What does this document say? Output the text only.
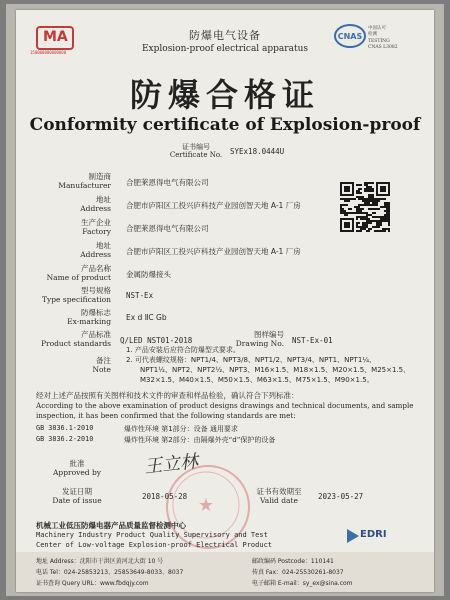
MA
150000080000000
防爆电气设备
Explosion-proof electrical apparatus
CNAS
中国认可
检测
TESTING
CNAS L3082
防爆合格证
Conformity certificate of Explosion-proof
证书编号
Certificate No.	SYEx18.0444U
制造商
Manufacturer 合肥莱恩得电气有限公司
地址
Address 合肥市庐阳区工投兴庐科技产业园创智天地 A-1 厂房
生产企业
Factory 合肥莱恩得电气有限公司
地址
Address 合肥市庐阳区工投兴庐科技产业园创智天地 A-1 厂房
产品名称
Name of product 金属防爆接头
型号规格
Type specification NST-Ex
防爆标志
Ex-marking Ex d ⅡC Gb
产品标准
Product standards Q/LED NST01-2018
图样编号
Drawing No. NST-Ex-01
备注
Note
1. 产品安装后应符合防爆型式要求。
2. 可代表螺纹规格：NPT1/4、NPT3/8、NPT1/2、NPT3/4、NPT1、NPT1¼、
NPT1½、NPT2、NPT2½、NPT3、M16×1.5、M18×1.5、M20×1.5、M25×1.5、
M32×1.5、M40×1.5、M50×1.5、M63×1.5、M75×1.5、M90×1.5。
经对上述产品按照有关图样和技术文件的审查和样品检验，确认符合下列标准：
According to the above examination of product designs drawings and technical documents, and sample
inspection, it has been confirmed that the following standards are met:
GB 3836.1-2010	爆炸性环境 第1部分：设备 通用要求
GB 3836.2-2010	爆炸性环境 第2部分：由隔爆外壳“d”保护的设备
批准
Approved by	王立林
★
发证日期
Date of issue	2018-05-28
证书有效期至
Valid date	2023-05-27
机械工业低压防爆电器产品质量监督检测中心
Machinery Industry Product Quality Supervisory and Test
Center of Low-voltage Explosion-proof Electrical Product
EDRI
地址 Address：沈阳市于洪区黄河北大街 10 号	邮政编码 Postcode：110141
电话 Tel：024-25853213、25853649-8033、8037	传真 Fax：024-25530261-8037
证书查询 Query URL：www.fbdqjy.com	电子邮箱 E-mail：sy_ex@sina.com
